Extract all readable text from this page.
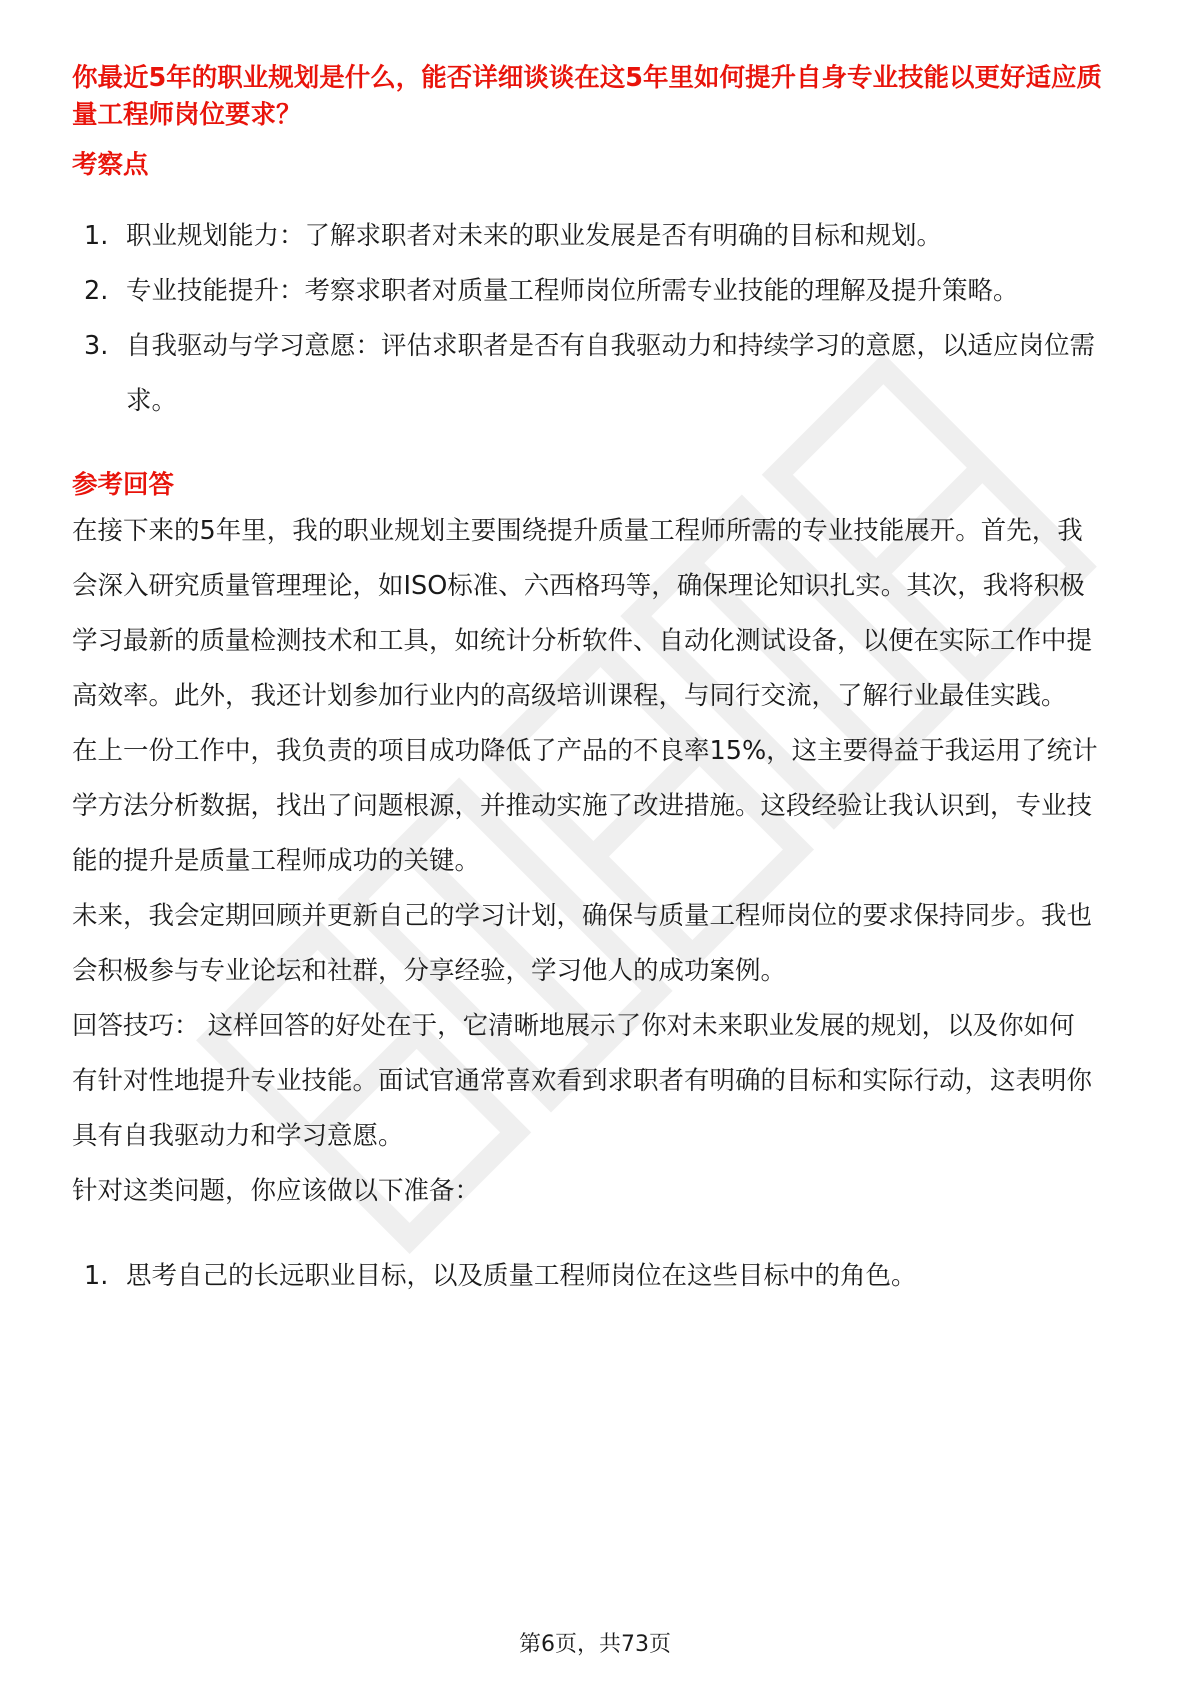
你最近5年的职业规划是什么，能否详细谈谈在这5年里如何提升自身专业技能以更好适应质量工程师岗位要求？
考察点
1. 职业规划能力：了解求职者对未来的职业发展是否有明确的目标和规划。
2. 专业技能提升：考察求职者对质量工程师岗位所需专业技能的理解及提升策略。
3. 自我驱动与学习意愿：评估求职者是否有自我驱动力和持续学习的意愿，以适应岗位需求。
参考回答

在接下来的5年里，我的职业规划主要围绕提升质量工程师所需的专业技能展开。首先，我会深入研究质量管理理论，如ISO标准、六西格玛等，确保理论知识扎实。其次，我将积极学习最新的质量检测技术和工具，如统计分析软件、自动化测试设备，以便在实际工作中提高效率。此外，我还计划参加行业内的高级培训课程，与同行交流，了解行业最佳实践。

在上一份工作中，我负责的项目成功降低了产品的不良率15%，这主要得益于我运用了统计学方法分析数据，找出了问题根源，并推动实施了改进措施。这段经验让我认识到，专业技能的提升是质量工程师成功的关键。

未来，我会定期回顾并更新自己的学习计划，确保与质量工程师岗位的要求保持同步。我也会积极参与专业论坛和社群，分享经验，学习他人的成功案例。

回答技巧： 这样回答的好处在于，它清晰地展示了你对未来职业发展的规划，以及你如何有针对性地提升专业技能。面试官通常喜欢看到求职者有明确的目标和实际行动，这表明你具有自我驱动力和学习意愿。

针对这类问题，你应该做以下准备：

1. 思考自己的长远职业目标，以及质量工程师岗位在这些目标中的角色。
第6页，共73页
